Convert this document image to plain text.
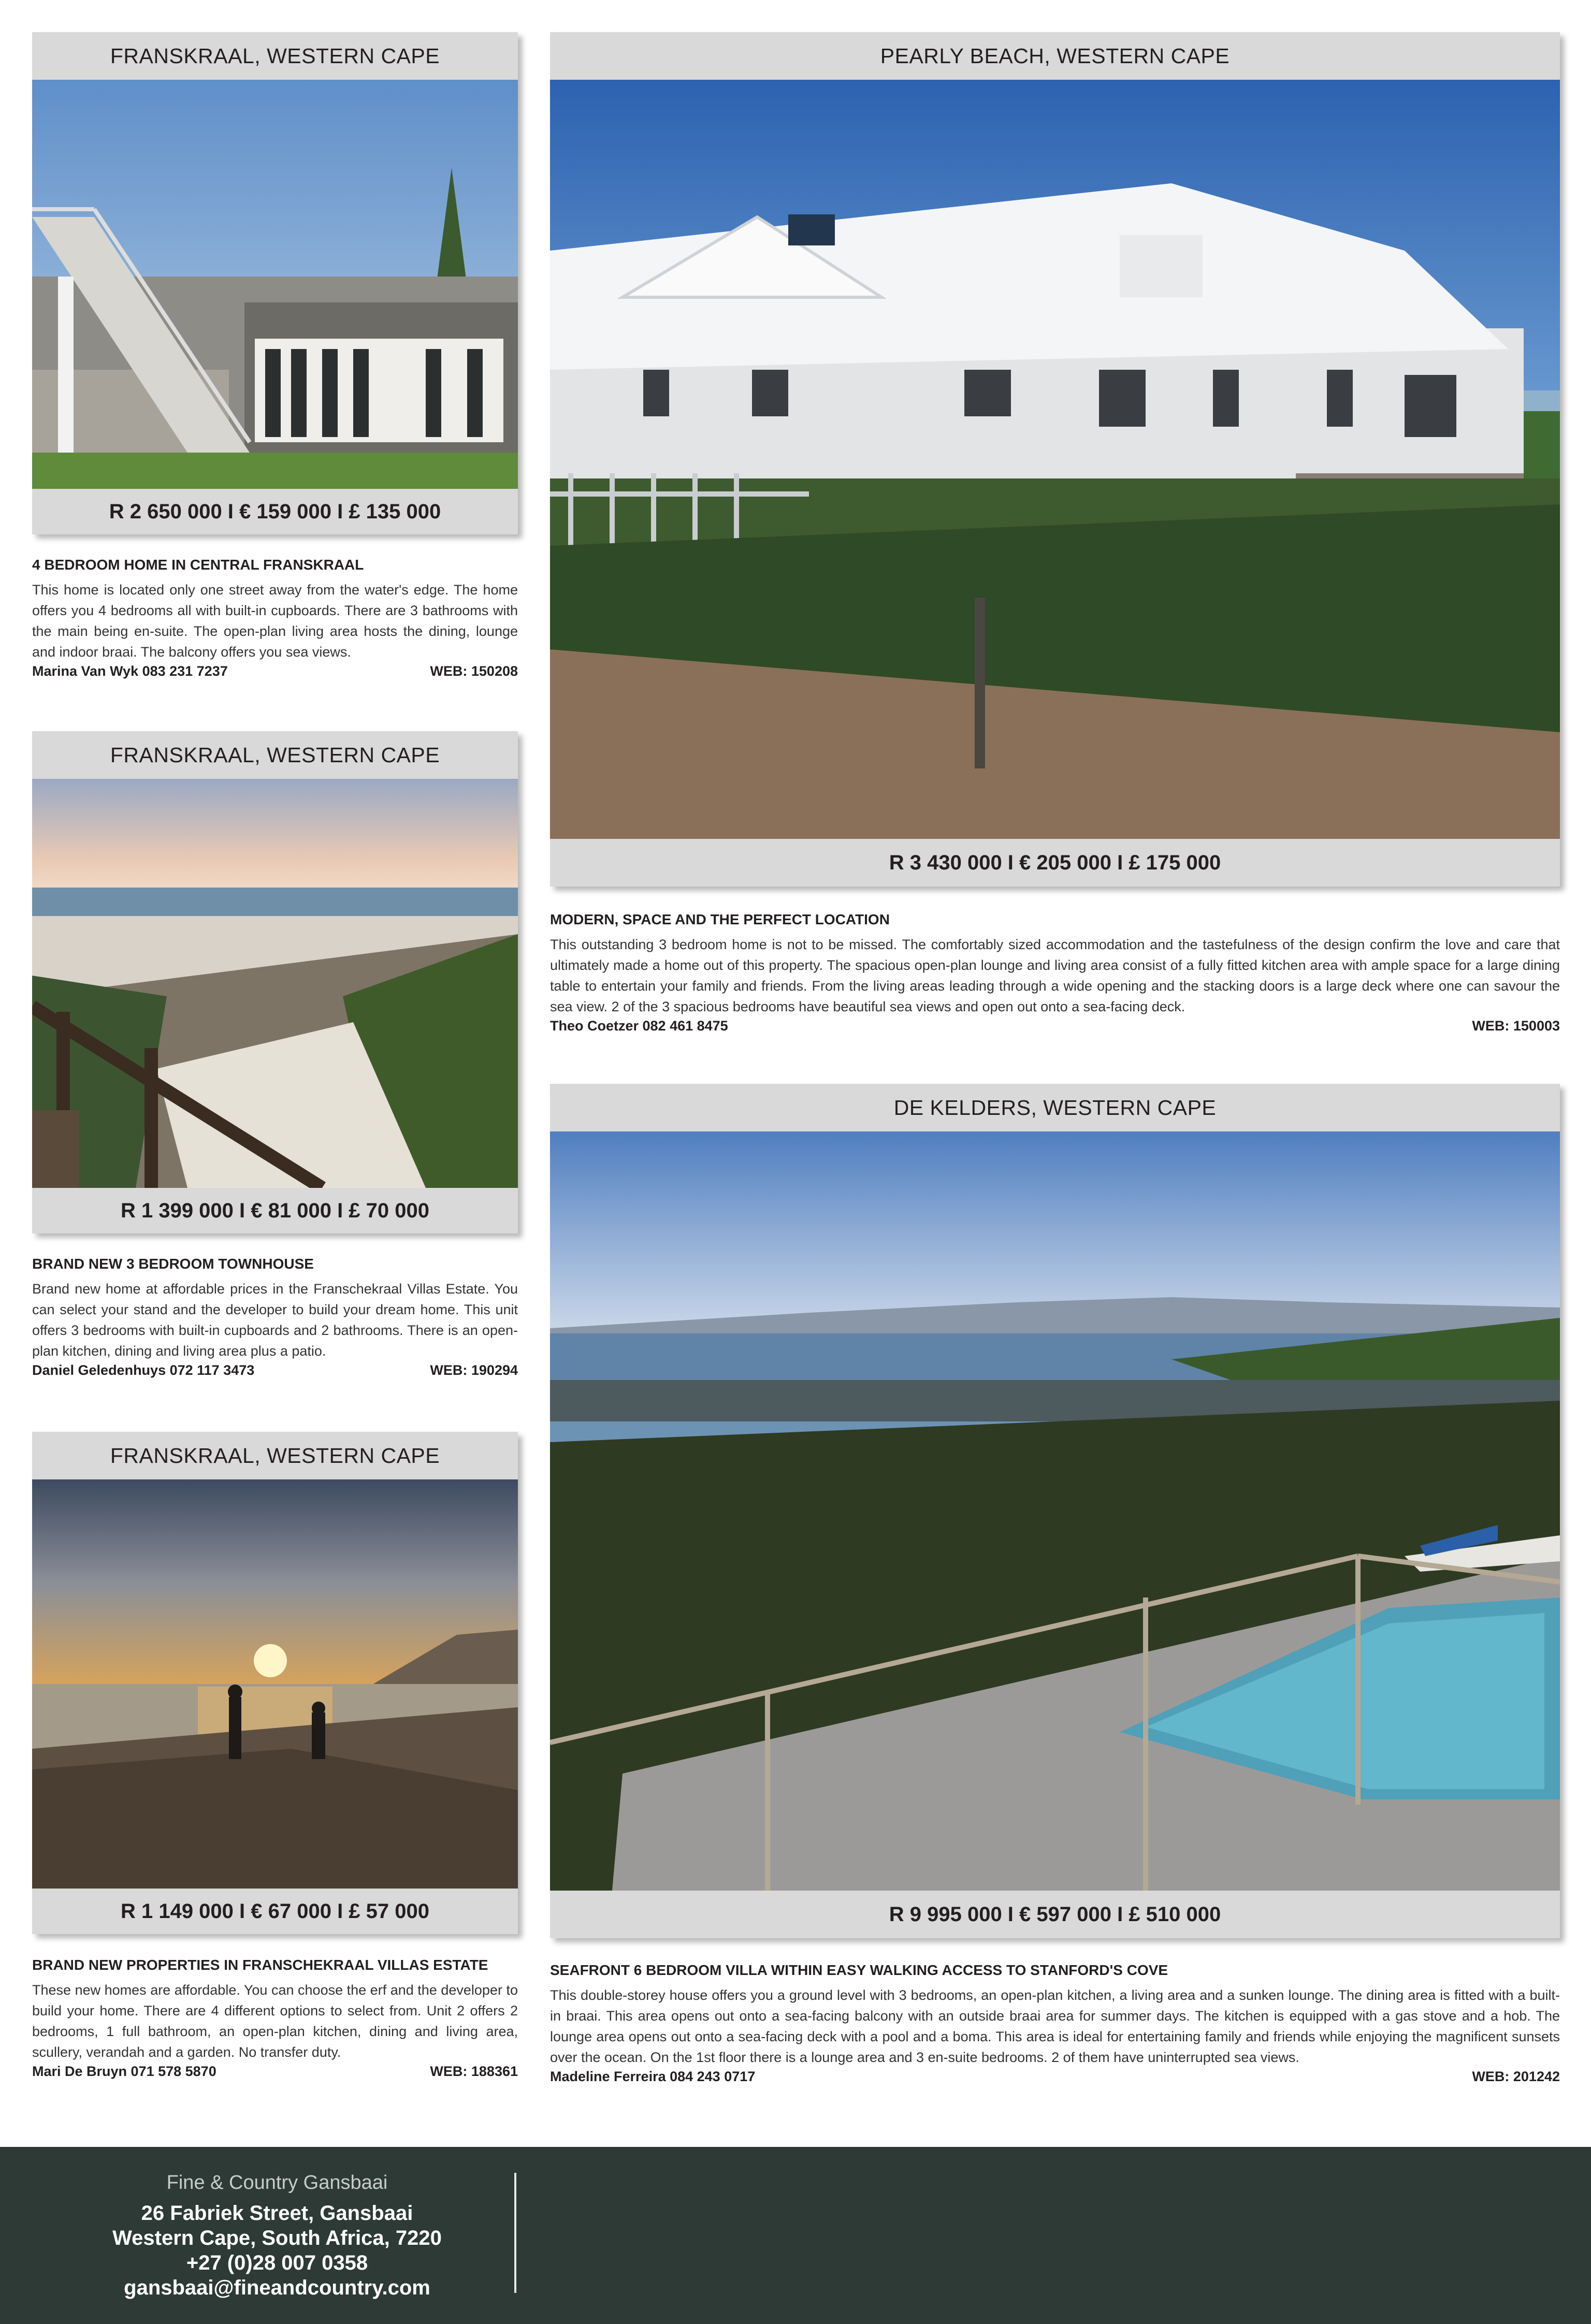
FRANSKRAAL, WESTERN CAPE
R 2 650 000 I € 159 000 I £ 135 000
4 BEDROOM HOME IN CENTRAL FRANSKRAAL

This home is located only one street away from the water's edge. The home offers you 4 bedrooms all with built-in cupboards. There are 3 bathrooms with the main being en-suite. The open-plan living area hosts the dining, lounge and indoor braai. The balcony offers you sea views.

Marina Van Wyk 083 231 7237	WEB: 150208
FRANSKRAAL, WESTERN CAPE
R 1 399 000 I € 81 000 I £ 70 000
BRAND NEW 3 BEDROOM TOWNHOUSE

Brand new home at affordable prices in the Franschekraal Villas Estate. You can select your stand and the developer to build your dream home. This unit offers 3 bedrooms with built-in cupboards and 2 bathrooms. There is an open-plan kitchen, dining and living area plus a patio.

Daniel Geledenhuys 072 117 3473	WEB: 190294
FRANSKRAAL, WESTERN CAPE
R 1 149 000 I € 67 000 I £ 57 000
BRAND NEW PROPERTIES IN FRANSCHEKRAAL VILLAS ESTATE

These new homes are affordable. You can choose the erf and the developer to build your home. There are 4 different options to select from. Unit 2 offers 2 bedrooms, 1 full bathroom, an open-plan kitchen, dining and living area, scullery, verandah and a garden. No transfer duty.

Mari De Bruyn 071 578 5870	WEB: 188361
PEARLY BEACH, WESTERN CAPE
R 3 430 000 I € 205 000 I £ 175 000
MODERN, SPACE AND THE PERFECT LOCATION

This outstanding 3 bedroom home is not to be missed. The comfortably sized accommodation and the tastefulness of the design confirm the love and care that ultimately made a home out of this property. The spacious open-plan lounge and living area consist of a fully fitted kitchen area with ample space for a large dining table to entertain your family and friends. From the living areas leading through a wide opening and the stacking doors is a large deck where one can savour the sea view. 2 of the 3 spacious bedrooms have beautiful sea views and open out onto a sea-facing deck.

Theo Coetzer 082 461 8475	WEB: 150003
DE KELDERS, WESTERN CAPE
R 9 995 000 I € 597 000 I £ 510 000
SEAFRONT 6 BEDROOM VILLA WITHIN EASY WALKING ACCESS TO STANFORD'S COVE

This double-storey house offers you a ground level with 3 bedrooms, an open-plan kitchen, a living area and a sunken lounge. The dining area is fitted with a built-in braai. This area opens out onto a sea-facing balcony with an outside braai area for summer days. The kitchen is equipped with a gas stove and a hob. The lounge area opens out onto a sea-facing deck with a pool and a boma. This area is ideal for entertaining family and friends while enjoying the magnificent sunsets over the ocean. On the 1st floor there is a lounge area and 3 en-suite bedrooms. 2 of them have uninterrupted sea views.

Madeline Ferreira 084 243 0717	WEB: 201242
Fine & Country Gansbaai
26 Fabriek Street, Gansbaai
Western Cape, South Africa, 7220
+27 (0)28 007 0358
gansbaai@fineandcountry.com
